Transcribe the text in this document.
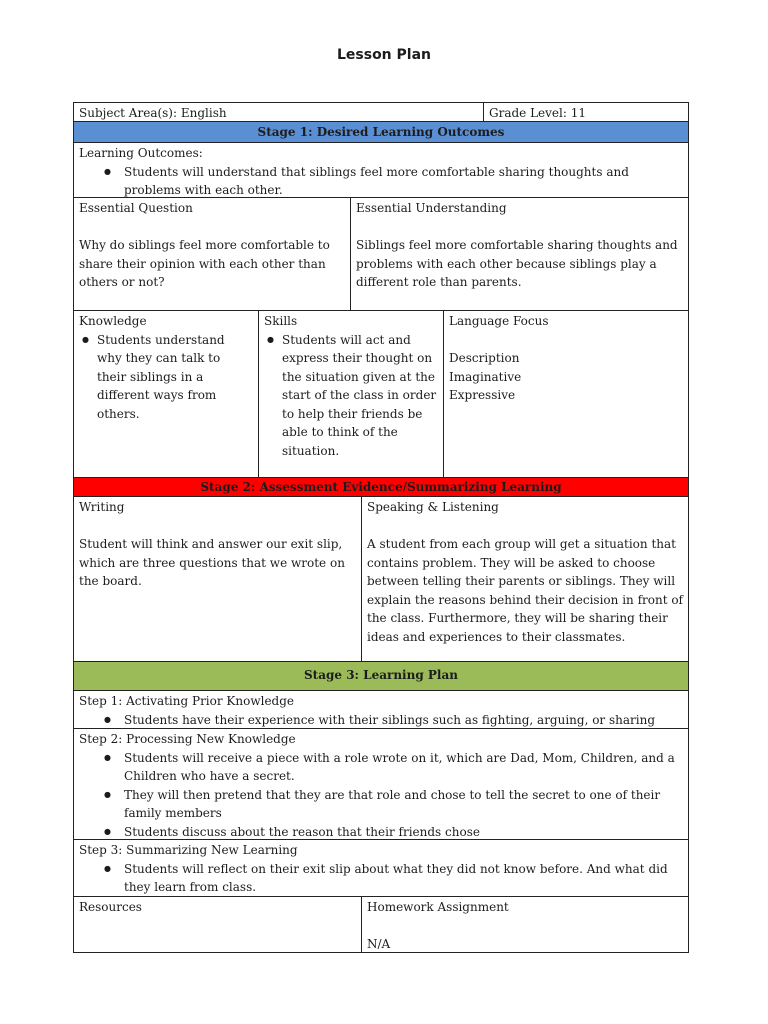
Lesson Plan
Subject Area(s): English	Grade Level: 11
Stage 1: Desired Learning Outcomes
Learning Outcomes:
● Students will understand that siblings feel more comfortable sharing thoughts and problems with each other.
Essential Question
Why do siblings feel more comfortable to share their opinion with each other than others or not?
Essential Understanding
Siblings feel more comfortable sharing thoughts and problems with each other because siblings play a different role than parents.
Knowledge
● Students understand why they can talk to their siblings in a different ways from others.
Skills
● Students will act and express their thought on the situation given at the start of the class in order to help their friends be able to think of the situation.
Language Focus
Description
Imaginative
Expressive
Stage 2: Assessment Evidence/Summarizing Learning
Writing
Student will think and answer our exit slip, which are three questions that we wrote on the board.
Speaking & Listening
A student from each group will get a situation that contains problem. They will be asked to choose between telling their parents or siblings. They will explain the reasons behind their decision in front of the class. Furthermore, they will be sharing their ideas and experiences to their classmates.
Stage 3: Learning Plan
Step 1: Activating Prior Knowledge
● Students have their experience with their siblings such as fighting, arguing, or sharing
Step 2: Processing New Knowledge
● Students will receive a piece with a role wrote on it, which are Dad, Mom, Children, and a Children who have a secret.
● They will then pretend that they are that role and chose to tell the secret to one of their family members
● Students discuss about the reason that their friends chose
Step 3: Summarizing New Learning
● Students will reflect on their exit slip about what they did not know before. And what did they learn from class.
Resources	Homework Assignment
N/A
